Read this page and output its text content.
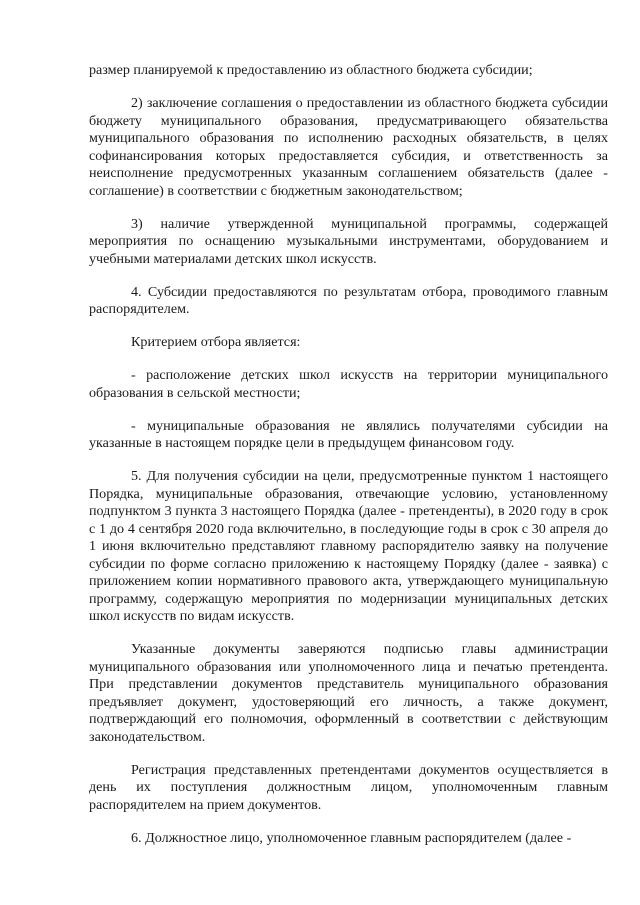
размер планируемой к предоставлению из областного бюджета субсидии;

2) заключение соглашения о предоставлении из областного бюджета субсидии бюджету муниципального образования, предусматривающего обязательства муниципального образования по исполнению расходных обязательств, в целях софинансирования которых предоставляется субсидия, и ответственность за неисполнение предусмотренных указанным соглашением обязательств (далее - соглашение) в соответствии с бюджетным законодательством;

3) наличие утвержденной муниципальной программы, содержащей мероприятия по оснащению музыкальными инструментами, оборудованием и учебными материалами детских школ искусств.

4. Субсидии предоставляются по результатам отбора, проводимого главным распорядителем.

Критерием отбора является:

- расположение детских школ искусств на территории муниципального образования в сельской местности;

- муниципальные образования не являлись получателями субсидии на указанные в настоящем порядке цели в предыдущем финансовом году.

5. Для получения субсидии на цели, предусмотренные пунктом 1 настоящего Порядка, муниципальные образования, отвечающие условию, установленному подпунктом 3 пункта 3 настоящего Порядка (далее - претенденты), в 2020 году в срок с 1 до 4 сентября 2020 года включительно, в последующие годы в срок с 30 апреля до 1 июня включительно представляют главному распорядителю заявку на получение субсидии по форме согласно приложению к настоящему Порядку (далее - заявка) с приложением копии нормативного правового акта, утверждающего муниципальную программу, содержащую мероприятия по модернизации муниципальных детских школ искусств по видам искусств.

Указанные документы заверяются подписью главы администрации муниципального образования или уполномоченного лица и печатью претендента. При представлении документов представитель муниципального образования предъявляет документ, удостоверяющий его личность, а также документ, подтверждающий его полномочия, оформленный в соответствии с действующим законодательством.

Регистрация представленных претендентами документов осуществляется в день их поступления должностным лицом, уполномоченным главным распорядителем на прием документов.

6. Должностное лицо, уполномоченное главным распорядителем (далее -
